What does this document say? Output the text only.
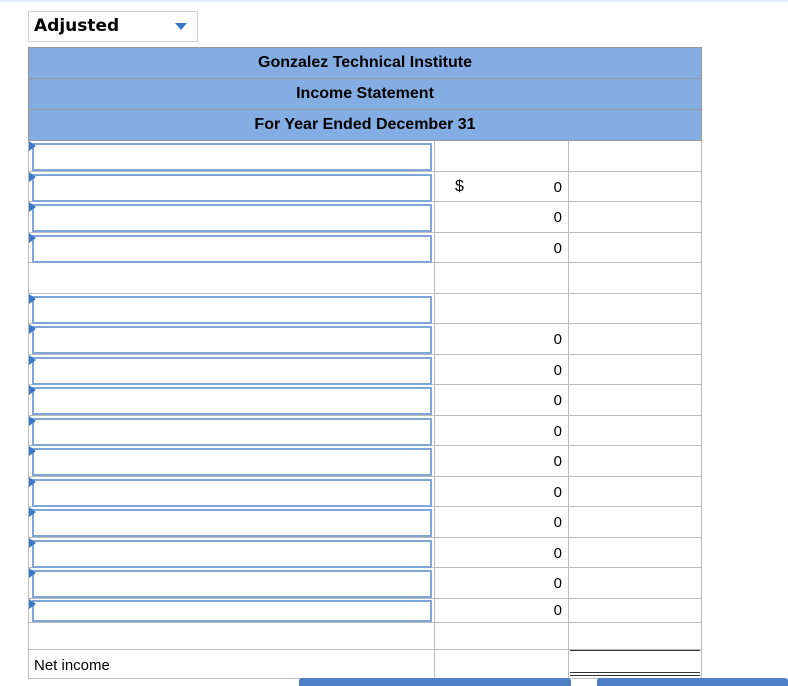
Adjusted
Gonzalez Technical Institute
Income Statement
For Year Ended December 31
$	0
0
0
0
0
0
0
0
0
0
0
0
0
Net income
